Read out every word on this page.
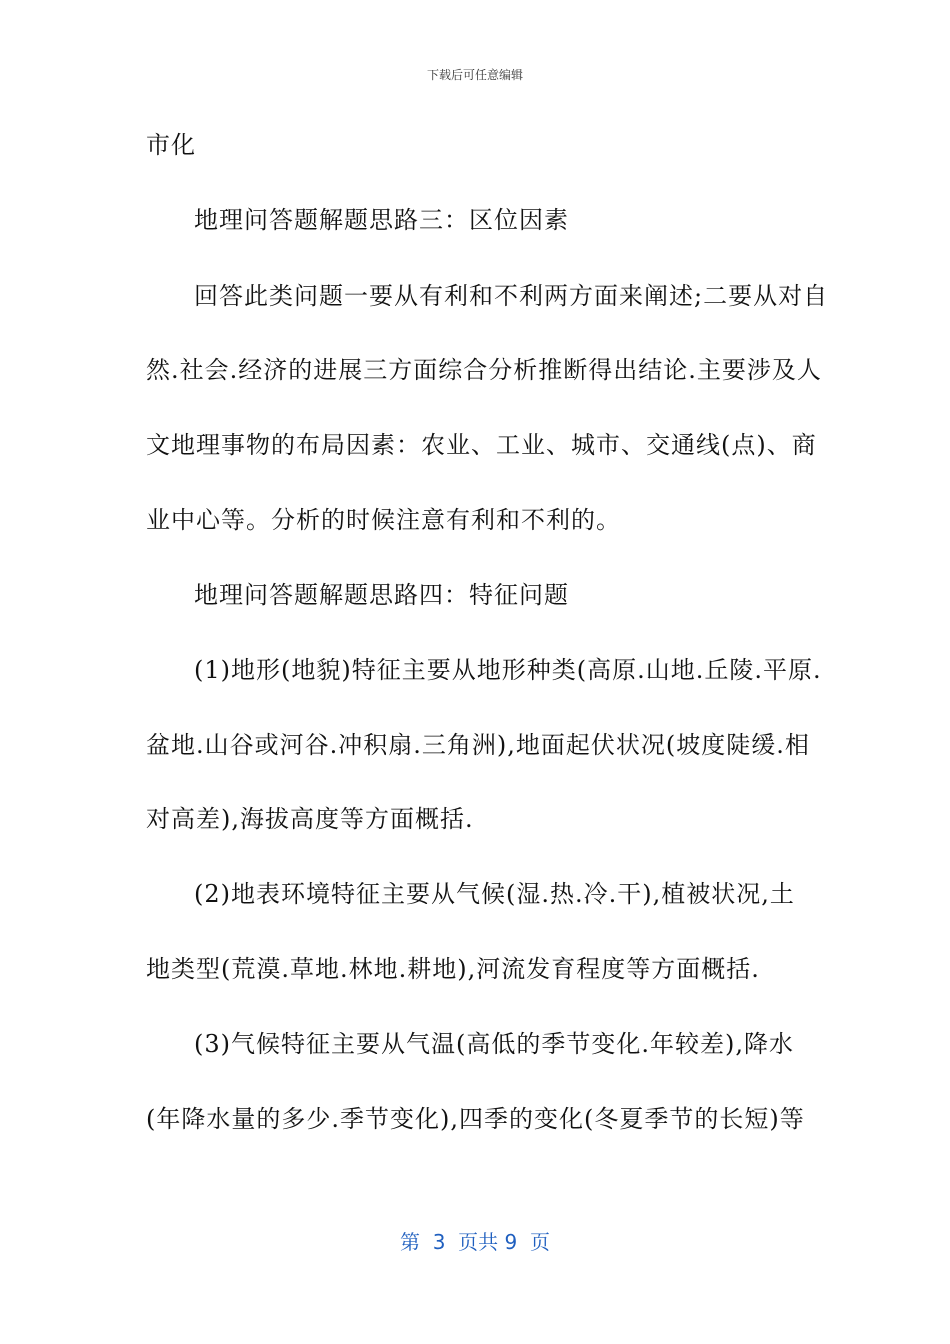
下载后可任意编辑
市化
地理问答题解题思路三：区位因素
回答此类问题一要从有利和不利两方面来阐述;二要从对自
然.社会.经济的进展三方面综合分析推断得出结论.主要涉及人
文地理事物的布局因素：农业、工业、城市、交通线(点)、商
业中心等。分析的时候注意有利和不利的。
地理问答题解题思路四：特征问题
(1)地形(地貌)特征主要从地形种类(高原.山地.丘陵.平原.
盆地.山谷或河谷.冲积扇.三角洲),地面起伏状况(坡度陡缓.相
对高差),海拔高度等方面概括.
(2)地表环境特征主要从气候(湿.热.冷.干),植被状况,土
地类型(荒漠.草地.林地.耕地),河流发育程度等方面概括.
(3)气候特征主要从气温(高低的季节变化.年较差),降水
(年降水量的多少.季节变化),四季的变化(冬夏季节的长短)等
第  3  页共 9  页
